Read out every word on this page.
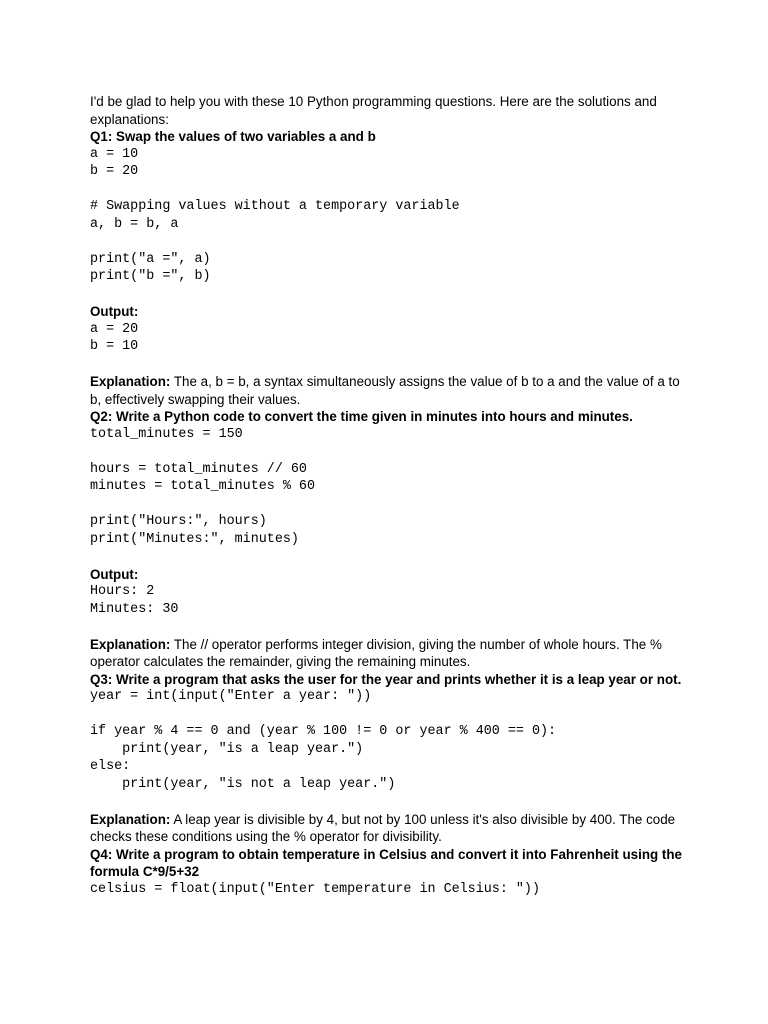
I'd be glad to help you with these 10 Python programming questions. Here are the solutions and explanations:

Q1: Swap the values of two variables a and b

a = 10
b = 20

# Swapping values without a temporary variable
a, b = b, a

print("a =", a)
print("b =", b)

Output:

a = 20
b = 10

Explanation: The a, b = b, a syntax simultaneously assigns the value of b to a and the value of a to b, effectively swapping their values.

Q2: Write a Python code to convert the time given in minutes into hours and minutes.

total_minutes = 150

hours = total_minutes // 60
minutes = total_minutes % 60

print("Hours:", hours)
print("Minutes:", minutes)

Output:

Hours: 2
Minutes: 30

Explanation: The // operator performs integer division, giving the number of whole hours. The % operator calculates the remainder, giving the remaining minutes.

Q3: Write a program that asks the user for the year and prints whether it is a leap year or not.

year = int(input("Enter a year: "))

if year % 4 == 0 and (year % 100 != 0 or year % 400 == 0):
print(year, "is a leap year.")
else:
print(year, "is not a leap year.")

Explanation: A leap year is divisible by 4, but not by 100 unless it's also divisible by 400. The code checks these conditions using the % operator for divisibility.

Q4: Write a program to obtain temperature in Celsius and convert it into Fahrenheit using the formula C*9/5+32

celsius = float(input("Enter temperature in Celsius: "))
